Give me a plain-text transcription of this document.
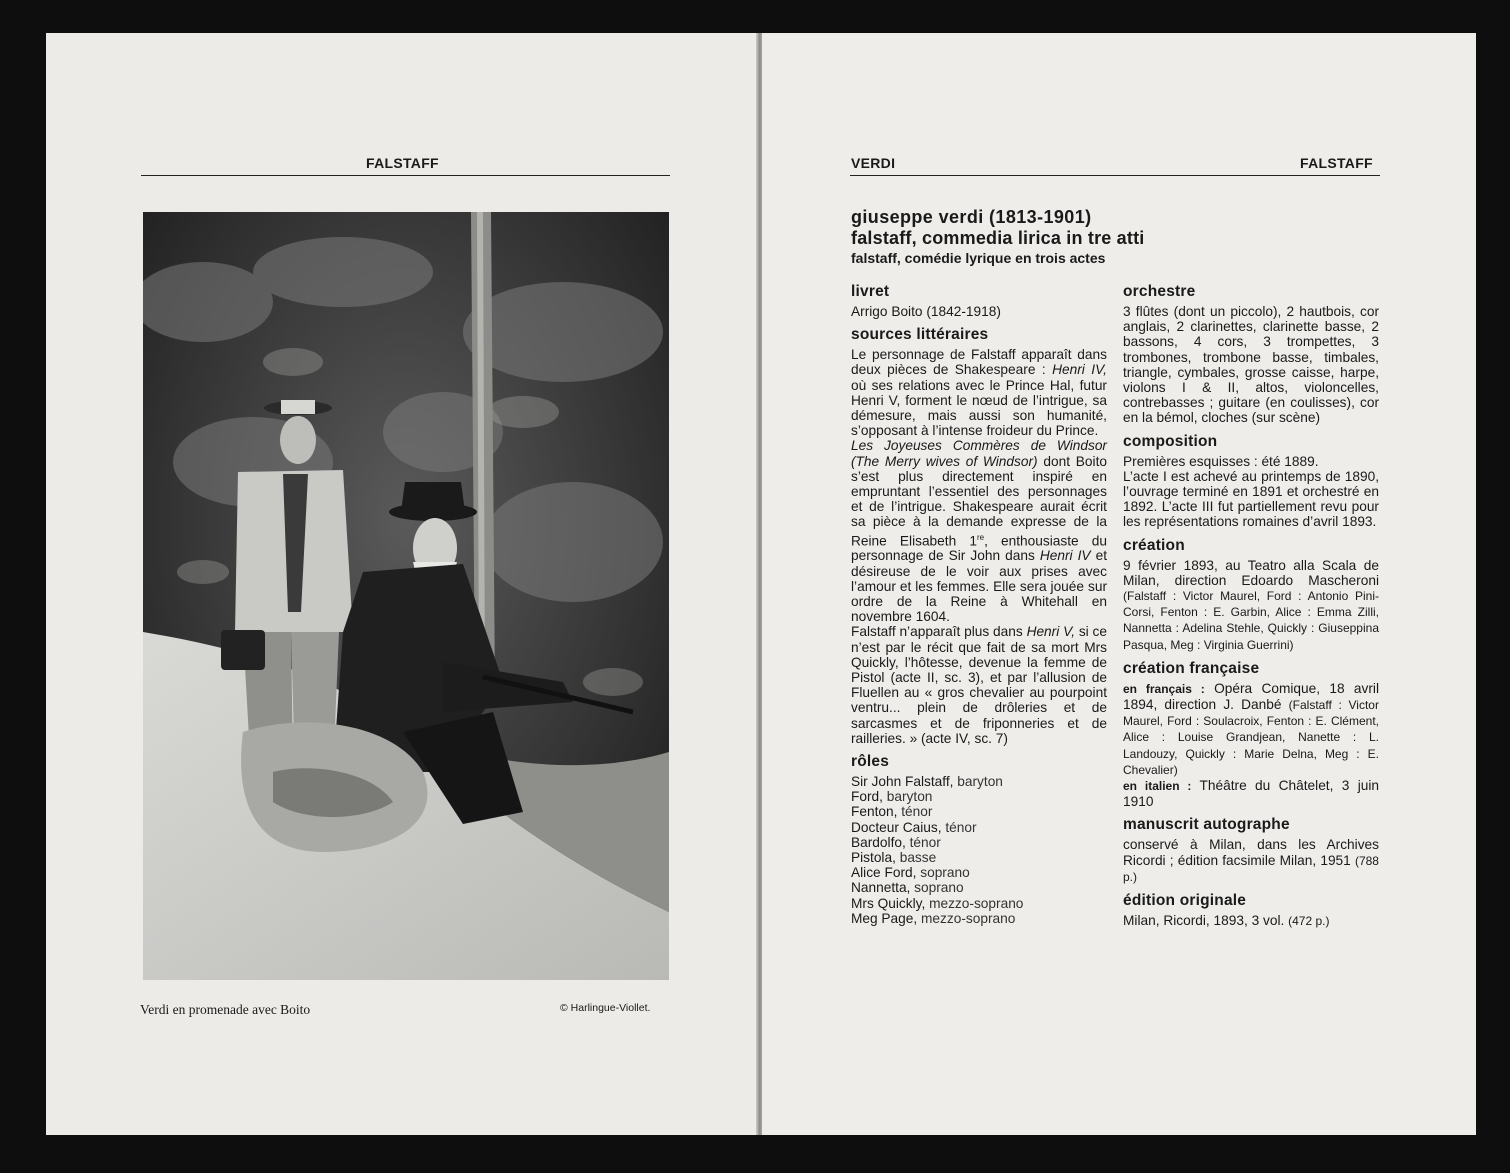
FALSTAFF
Verdi en promenade avec Boito	© Harlingue-Viollet.
VERDI	FALSTAFF
giuseppe verdi (1813-1901)
falstaff, commedia lirica in tre atti
falstaff, comédie lyrique en trois actes
livret

Arrigo Boito (1842-1918)

sources littéraires

Le personnage de Falstaff apparaît dans deux pièces de Shakespeare : Henri IV, où ses relations avec le Prince Hal, futur Henri V, forment le nœud de l’intrigue, sa démesure, mais aussi son humanité, s’opposant à l’intense froideur du Prince.
Les Joyeuses Commères de Windsor (The Merry wives of Windsor) dont Boito s’est plus directement inspiré en empruntant l’essentiel des personnages et de l’intrigue. Shakespeare aurait écrit sa pièce à la demande expresse de la Reine Elisabeth 1re, enthousiaste du personnage de Sir John dans Henri IV et désireuse de le voir aux prises avec l’amour et les femmes. Elle sera jouée sur ordre de la Reine à Whitehall en novembre 1604.
Falstaff n’apparaît plus dans Henri V, si ce n’est par le récit que fait de sa mort Mrs Quickly, l’hôtesse, devenue la femme de Pistol (acte II, sc. 3), et par l’allusion de Fluellen au « gros chevalier au pourpoint ventru... plein de drôleries et de sarcasmes et de friponneries et de railleries. » (acte IV, sc. 7)

rôles
Sir John Falstaff, baryton
Ford, baryton
Fenton, ténor
Docteur Caius, ténor
Bardolfo, ténor
Pistola, basse
Alice Ford, soprano
Nannetta, soprano
Mrs Quickly, mezzo-soprano
Meg Page, mezzo-soprano
orchestre

3 flûtes (dont un piccolo), 2 hautbois, cor anglais, 2 clarinettes, clarinette basse, 2 bassons, 4 cors, 3 trompettes, 3 trombones, trombone basse, timbales, triangle, cymbales, grosse caisse, harpe, violons I & II, altos, violoncelles, contrebasses ; guitare (en coulisses), cor en la bémol, cloches (sur scène)

composition

Premières esquisses : été 1889.

L’acte I est achevé au printemps de 1890, l’ouvrage terminé en 1891 et orchestré en 1892. L’acte III fut partiellement revu pour les représentations romaines d’avril 1893.

création

9 février 1893, au Teatro alla Scala de Milan, direction Edoardo Mascheroni (Falstaff : Victor Maurel, Ford : Antonio Pini-Corsi, Fenton : E. Garbin, Alice : Emma Zilli, Nannetta : Adelina Stehle, Quickly : Giuseppina Pasqua, Meg : Virginia Guerrini)

création française

en français : Opéra Comique, 18 avril 1894, direction J. Danbé (Falstaff : Victor Maurel, Ford : Soulacroix, Fenton : E. Clément, Alice : Louise Grandjean, Nanette : L. Landouzy, Quickly : Marie Delna, Meg : E. Chevalier)
en italien : Théâtre du Châtelet, 3 juin 1910

manuscrit autographe

conservé à Milan, dans les Archives Ricordi ; édition facsimile Milan, 1951 (788 p.)

édition originale

Milan, Ricordi, 1893, 3 vol. (472 p.)
